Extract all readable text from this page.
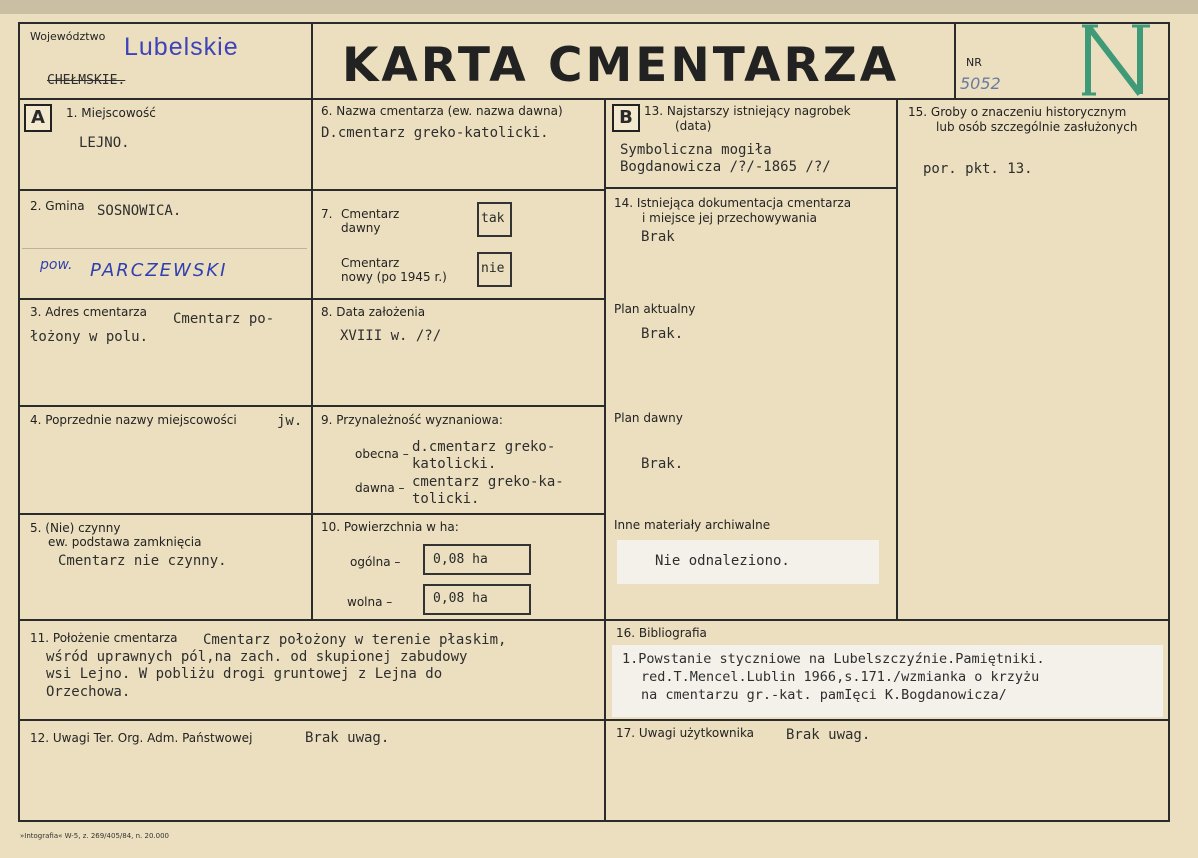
Województwo Lubelskie
CHEŁMSKIE.	KARTA CMENTARZA	NR
5052
A	1. Miejscowość
LEJNO.
2. Gmina SOSNOWICA.
pow. PARCZEWSKI
3. Adres cmentarza Cmentarz po-
łożony w polu.
4. Poprzednie nazwy miejscowości	jw.
5. (Nie) czynny
ew. podstawa zamknięcia
Cmentarz nie czynny.
6. Nazwa cmentarza (ew. nazwa dawna)
D.cmentarz greko-katolicki.
7. Cmentarz
dawny
tak
Cmentarz
nowy (po 1945 r.)
nie
8. Data założenia
XVIII w. /?/
9. Przynależność wyznaniowa:
obecna – d.cmentarz greko-
katolicki.
dawna – cmentarz greko-ka-
tolicki.
10. Powierzchnia w ha:
ogólna –	0,08 ha
wolna –	0,08 ha
11. Położenie cmentarza Cmentarz położony w terenie płaskim,
wśród uprawnych pól,na zach. od skupionej zabudowy
wsi Lejno. W pobliżu drogi gruntowej z Lejna do
Orzechowa.
12. Uwagi Ter. Org. Adm. Państwowej	Brak uwag.
B 13. Najstarszy istniejący nagrobek
(data)
Symboliczna mogiła
Bogdanowicza /?/-1865 /?/
14. Istniejąca dokumentacja cmentarza
i miejsce jej przechowywania
Brak
Plan aktualny
Brak.
Plan dawny
Brak.
Inne materiały archiwalne
Nie odnaleziono.
15. Groby o znaczeniu historycznym
lub osób szczególnie zasłużonych
por. pkt. 13.
16. Bibliografia
1.Powstanie styczniowe na Lubelszczyźnie.Pamiętniki.
red.T.Mencel.Lublin 1966,s.171./wzmianka o krzyżu
na cmentarzu gr.-kat. pamIęci K.Bogdanowicza/
17. Uwagi użytkownika Brak uwag.
»Intografia« W-5, z. 269/405/84, n. 20.000
